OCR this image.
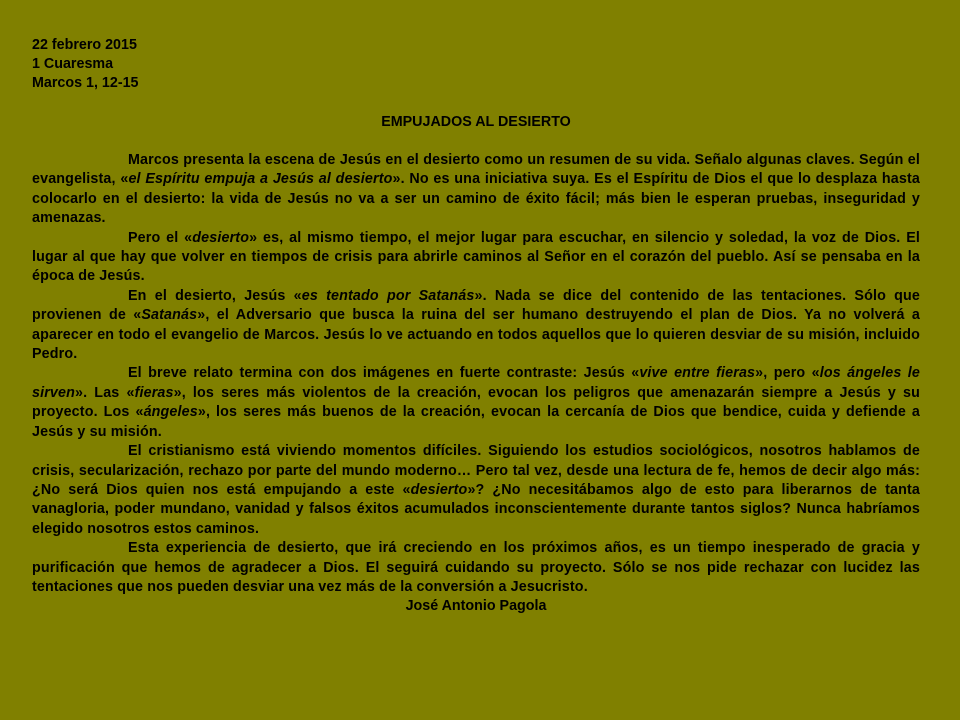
22 febrero 2015
1 Cuaresma
Marcos 1, 12-15
EMPUJADOS AL DESIERTO
Marcos presenta la escena de Jesús en el desierto como un resumen de su vida. Señalo algunas claves. Según el evangelista, «el Espíritu empuja a Jesús al desierto». No es una iniciativa suya. Es el Espíritu de Dios el que lo desplaza hasta colocarlo en el desierto: la vida de Jesús no va a ser un camino de éxito fácil; más bien le esperan pruebas, inseguridad y amenazas.
Pero el «desierto» es, al mismo tiempo, el mejor lugar para escuchar, en silencio y soledad, la voz de Dios. El lugar al que hay que volver en tiempos de crisis para abrirle caminos al Señor en el corazón del pueblo. Así se pensaba en la época de Jesús.
En el desierto, Jesús «es tentado por Satanás». Nada se dice del contenido de las tentaciones. Sólo que provienen de «Satanás», el Adversario que busca la ruina del ser humano destruyendo el plan de Dios. Ya no volverá a aparecer en todo el evangelio de Marcos. Jesús lo ve actuando en todos aquellos que lo quieren desviar de su misión, incluido Pedro.
El breve relato termina con dos imágenes en fuerte contraste: Jesús «vive entre fieras», pero «los ángeles le sirven». Las «fieras», los seres más violentos de la creación, evocan los peligros que amenazarán siempre a Jesús y su proyecto. Los «ángeles», los seres más buenos de la creación, evocan la cercanía de Dios que bendice, cuida y defiende a Jesús y su misión.
El cristianismo está viviendo momentos difíciles. Siguiendo los estudios sociológicos, nosotros hablamos de crisis, secularización, rechazo por parte del mundo moderno… Pero tal vez, desde una lectura de fe, hemos de decir algo más: ¿No será Dios quien nos está empujando a este «desierto»? ¿No necesitábamos algo de esto para liberarnos de tanta vanagloria, poder mundano, vanidad y falsos éxitos acumulados inconscientemente durante tantos siglos? Nunca habríamos elegido nosotros estos caminos.
Esta experiencia de desierto, que irá creciendo en los próximos años, es un tiempo inesperado de gracia y purificación que hemos de agradecer a Dios. El seguirá cuidando su proyecto. Sólo se nos pide rechazar con lucidez las tentaciones que nos pueden desviar una vez más de la conversión a Jesucristo.
José Antonio Pagola
